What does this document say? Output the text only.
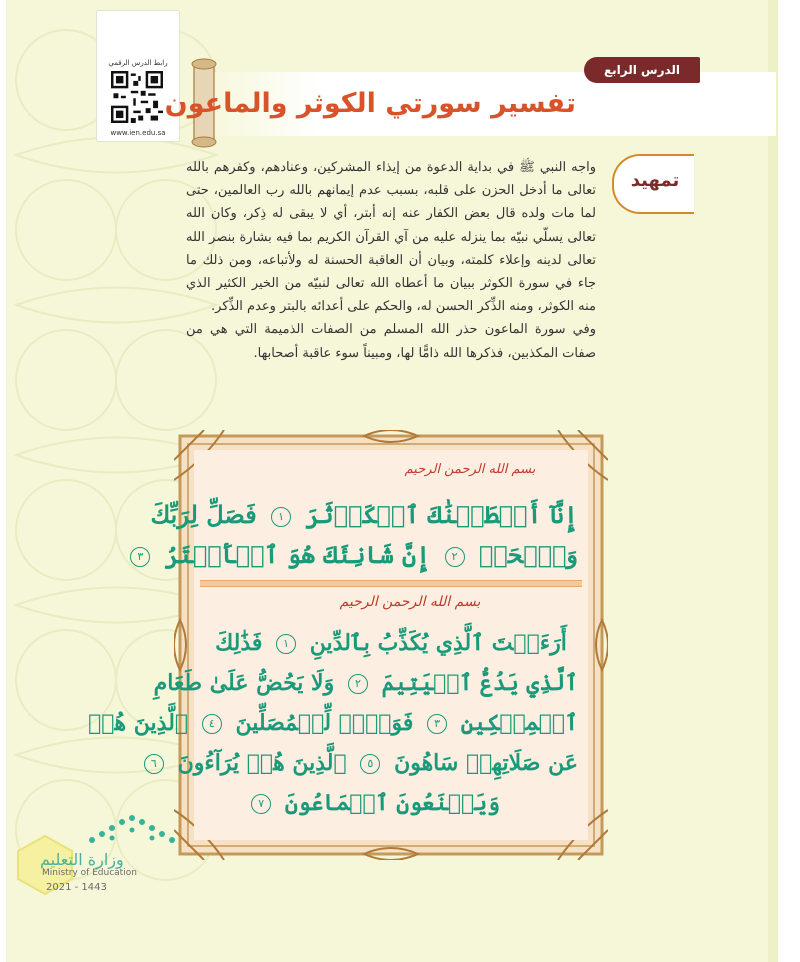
رابط الدرس الرقمي
www.ien.edu.sa
الدرس الرابع
تفسير سورتي الكوثر والماعون
تمهيد

واجه النبي ﷺ في بداية الدعوة من إيذاء المشركين، وعنادهم، وكفرهم بالله تعالى ما أدخل الحزن على قلبه، بسبب عدم إيمانهم بالله رب العالمين، حتى لما مات ولده قال بعض الكفار عنه إنه أبتر، أي لا يبقى له ذِكر، وكان الله تعالى يسلّي نبيّه بما ينزله عليه من آي القرآن الكريم بما فيه بشارة بنصر الله تعالى لدينه وإعلاء كلمته، وبيان أن العاقبة الحسنة له ولأتباعه، ومن ذلك ما جاء في سورة الكوثر ببيان ما أعطاه الله تعالى لنبيّه من الخير الكثير الذي منه الكوثر، ومنه الذِّكر الحسن له، والحكم على أعدائه بالبتر وعدم الذِّكر.

وفي سورة الماعون حذر الله المسلم من الصفات الذميمة التي هي من صفات المكذبين، فذكرها الله ذامًّا لها، ومبيناً سوء عاقبة أصحابها.

بسم الله الرحمن الرحيم
إِنَّآ أَعۡطَيۡنَٰكَ ٱلۡكَوۡثَرَ ١ فَصَلِّ لِرَبِّكَ
وَٱنۡحَرۡ ٢ إِنَّ شَانِئَكَ هُوَ ٱلۡأَبۡتَرُ ٣
بسم الله الرحمن الرحيم
أَرَءَيۡتَ ٱلَّذِي يُكَذِّبُ بِٱلدِّينِ ١ فَذَٰلِكَ
ٱلَّذِي يَدُعُّ ٱلۡيَتِيمَ ٢ وَلَا يَحُضُّ عَلَىٰ طَعَامِ
ٱلۡمِسۡكِينِ ٣ فَوَيۡلٞ لِّلۡمُصَلِّينَ ٤ ٱلَّذِينَ هُمۡ
عَن صَلَاتِهِمۡ سَاهُونَ ٥ ٱلَّذِينَ هُمۡ يُرَآءُونَ ٦
وَيَمۡنَعُونَ ٱلۡمَاعُونَ ٧
وزارة التعليم
Ministry of Education
2021 - 1443
